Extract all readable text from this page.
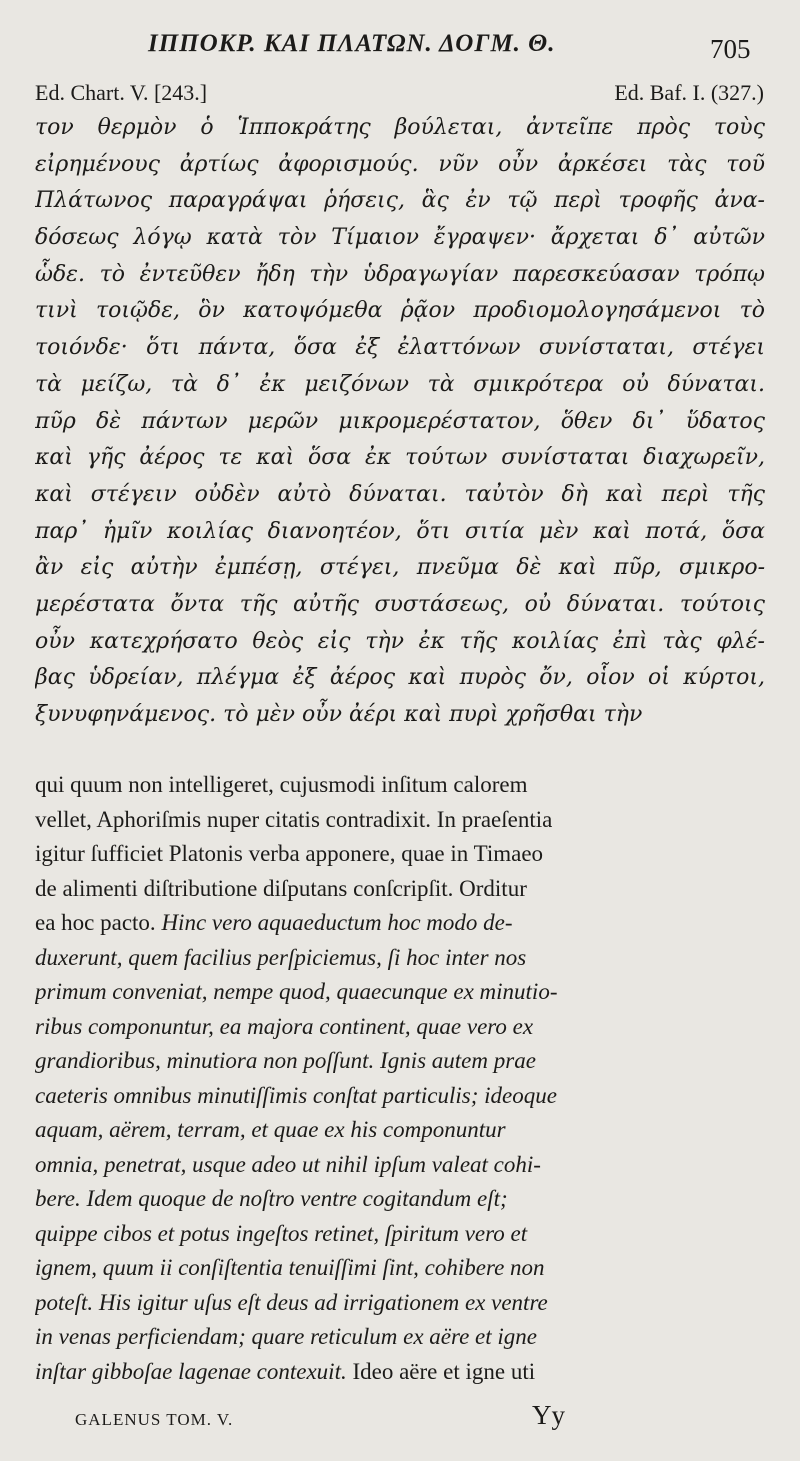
ΙΠΠΟΚΡ. ΚΑΙ ΠΛΑΤΩΝ. ΔΟΓΜ. Θ.	705
Ed. Chart. V. [243.]	Ed. Baf. I. (327.)
τον θερμὸν ὁ Ἱπποκράτης βούλεται, ἀντεῖπε πρὸς τοὺς
εἰρημένους ἀρτίως ἀφορισμούς. νῦν οὖν ἀρκέσει τὰς τοῦ
Πλάτωνος παραγράψαι ῥήσεις, ἃς ἐν τῷ περὶ τροφῆς ἀνα-
δόσεως λόγῳ κατὰ τὸν Τίμαιον ἔγραψεν· ἄρχεται δ᾽ αὐτῶν
ὧδε. τὸ ἐντεῦθεν ἤδη τὴν ὑδραγωγίαν παρεσκεύασαν τρόπῳ
τινὶ τοιῷδε, ὃν κατοψόμεθα ῥᾷον προδιομολογησάμενοι τὸ
τοιόνδε· ὅτι πάντα, ὅσα ἐξ ἐλαττόνων συνίσταται, στέγει
τὰ μείζω, τὰ δ᾽ ἐκ μειζόνων τὰ σμικρότερα οὐ δύναται.
πῦρ δὲ πάντων μερῶν μικρομερέστατον, ὅθεν δι᾽ ὕδατος
καὶ γῆς ἀέρος τε καὶ ὅσα ἐκ τούτων συνίσταται διαχωρεῖν,
καὶ στέγειν οὐδὲν αὐτὸ δύναται. ταὐτὸν δὴ καὶ περὶ τῆς
παρ᾽ ἡμῖν κοιλίας διανοητέον, ὅτι σιτία μὲν καὶ ποτά, ὅσα
ἂν εἰς αὐτὴν ἐμπέσῃ, στέγει, πνεῦμα δὲ καὶ πῦρ, σμικρο-
μερέστατα ὄντα τῆς αὐτῆς συστάσεως, οὐ δύναται. τούτοις
οὖν κατεχρήσατο θεὸς εἰς τὴν ἐκ τῆς κοιλίας ἐπὶ τὰς φλέ-
βας ὑδρείαν, πλέγμα ἐξ ἀέρος καὶ πυρὸς ὄν, οἷον οἱ κύρτοι,
ξυνυφηνάμενος. τὸ μὲν οὖν ἀέρι καὶ πυρὶ χρῆσθαι τὴν
qui quum non intelligeret, cujusmodi inſitum calorem
vellet, Aphoriſmis nuper citatis contradixit. In praeſentia
igitur ſufficiet Platonis verba apponere, quae in Timaeo
de alimenti diſtributione diſputans conſcripſit. Orditur
ea hoc pacto. Hinc vero aquaeductum hoc modo de-
duxerunt, quem facilius perſpiciemus, ſi hoc inter nos
primum conveniat, nempe quod, quaecunque ex minutio-
ribus componuntur, ea majora continent, quae vero ex
grandioribus, minutiora non poſſunt. Ignis autem prae
caeteris omnibus minutiſſimis conſtat particulis; ideoque
aquam, aërem, terram, et quae ex his componuntur
omnia, penetrat, usque adeo ut nihil ipſum valeat cohi-
bere. Idem quoque de noſtro ventre cogitandum eſt;
quippe cibos et potus ingeſtos retinet, ſpiritum vero et
ignem, quum ii conſiſtentia tenuiſſimi ſint, cohibere non
poteſt. His igitur uſus eſt deus ad irrigationem ex ventre
in venas perficiendam; quare reticulum ex aëre et igne
inſtar gibboſae lagenae contexuit. Ideo aëre et igne uti
GALENUS TOM. V.	Yy
